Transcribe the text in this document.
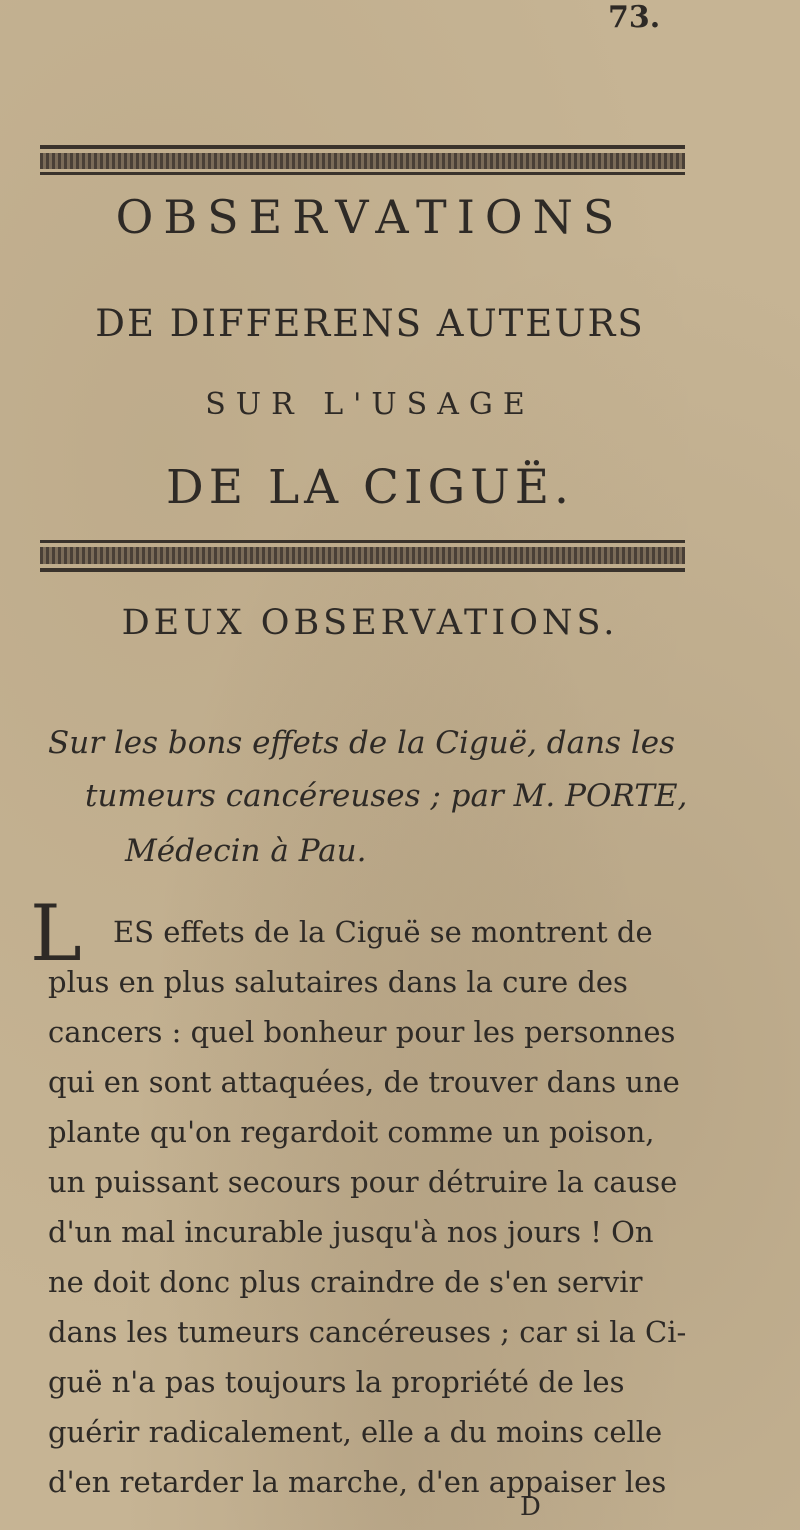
73.
OBSERVATIONS
DE DIFFERENS AUTEURS
SUR L'USAGE
DE LA CIGUË.
DEUX OBSERVATIONS.
Sur les bons effets de la Ciguë, dans les
tumeurs cancéreuses ; par M. PORTE,
Médecin à Pau.
L ES effets de la Ciguë se montrent de
plus en plus salutaires dans la cure des
cancers : quel bonheur pour les personnes
qui en sont attaquées, de trouver dans une
plante qu'on regardoit comme un poison,
un puissant secours pour détruire la cause
d'un mal incurable jusqu'à nos jours ! On
ne doit donc plus craindre de s'en servir
dans les tumeurs cancéreuses ; car si la Ci-
guë n'a pas toujours la propriété de les
guérir radicalement, elle a du moins celle
d'en retarder la marche, d'en appaiser les
D
